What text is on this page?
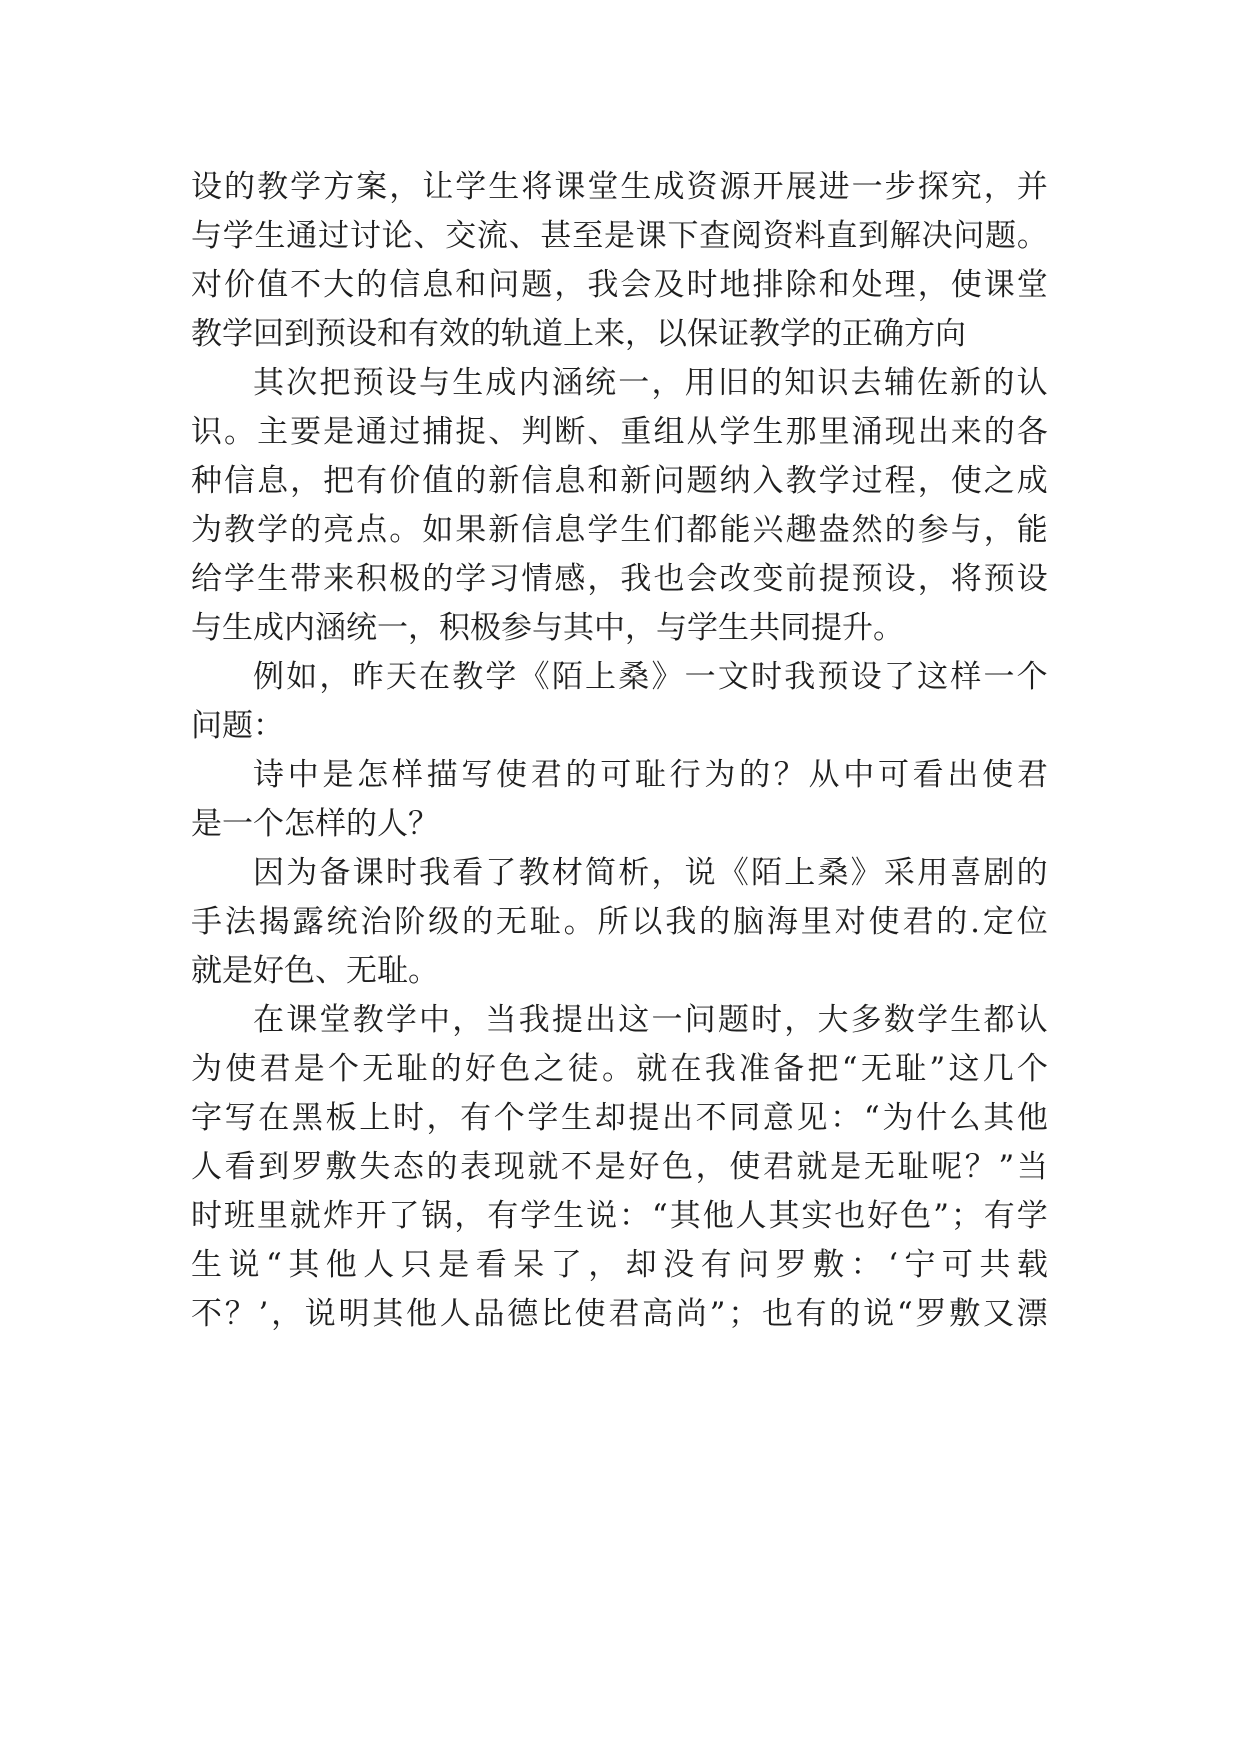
设 的 教 学 方 案 ， 让 学 生 将 课 堂 生 成 资 源 开 展 进 一 步 探 究 ， 并
与 学 生 通 过 讨 论 、 交 流 、 甚 至 是 课 下 查 阅 资 料 直 到 解 决 问 题 。
对 价 值 不 大 的 信 息 和 问 题 ， 我 会 及 时 地 排 除 和 处 理 ， 使 课 堂
教学回到预设和有效的轨道上来，以保证教学的正确方向
其 次 把 预 设 与 生 成 内 涵 统 一 ， 用 旧 的 知 识 去 辅 佐 新 的 认
识 。 主 要 是 通 过 捕 捉 、 判 断 、 重 组 从 学 生 那 里 涌 现 出 来 的 各
种 信 息 ， 把 有 价 值 的 新 信 息 和 新 问 题 纳 入 教 学 过 程 ， 使 之 成
为 教 学 的 亮 点 。 如 果 新 信 息 学 生 们 都 能 兴 趣 盎 然 的 参 与 ， 能
给 学 生 带 来 积 极 的 学 习 情 感 ， 我 也 会 改 变 前 提 预 设 ， 将 预 设
与生成内涵统一，积极参与其中，与学生共同提升。
例 如 ， 昨 天 在 教 学 《 陌 上 桑 》 一 文 时 我 预 设 了 这 样 一 个
问题：
诗 中 是 怎 样 描 写 使 君 的 可 耻 行 为 的 ？ 从 中 可 看 出 使 君
是一个怎样的人？
因 为 备 课 时 我 看 了 教 材 简 析 ， 说 《 陌 上 桑 》 采 用 喜 剧 的
手 法 揭 露 统 治 阶 级 的 无 耻 。 所 以 我 的 脑 海 里 对 使 君 的 . 定 位
就是好色、无耻。
在 课 堂 教 学 中 ， 当 我 提 出 这 一 问 题 时 ， 大 多 数 学 生 都 认
为 使 君 是 个 无 耻 的 好 色 之 徒 。 就 在 我 准 备 把 “ 无 耻 ” 这 几 个
字 写 在 黑 板 上 时 ， 有 个 学 生 却 提 出 不 同 意 见 ： “ 为 什 么 其 他
人 看 到 罗 敷 失 态 的 表 现 就 不 是 好 色 ， 使 君 就 是 无 耻 呢 ？ ” 当
时 班 里 就 炸 开 了 锅 ， 有 学 生 说 ： “ 其 他 人 其 实 也 好 色 ” ； 有 学
生 说 “ 其 他 人 只 是 看 呆 了 ， 却 没 有 问 罗 敷 ： ‘ 宁 可 共 载
不 ？ ’ ， 说 明 其 他 人 品 德 比 使 君 高 尚 ” ； 也 有 的 说 “ 罗 敷 又 漂
